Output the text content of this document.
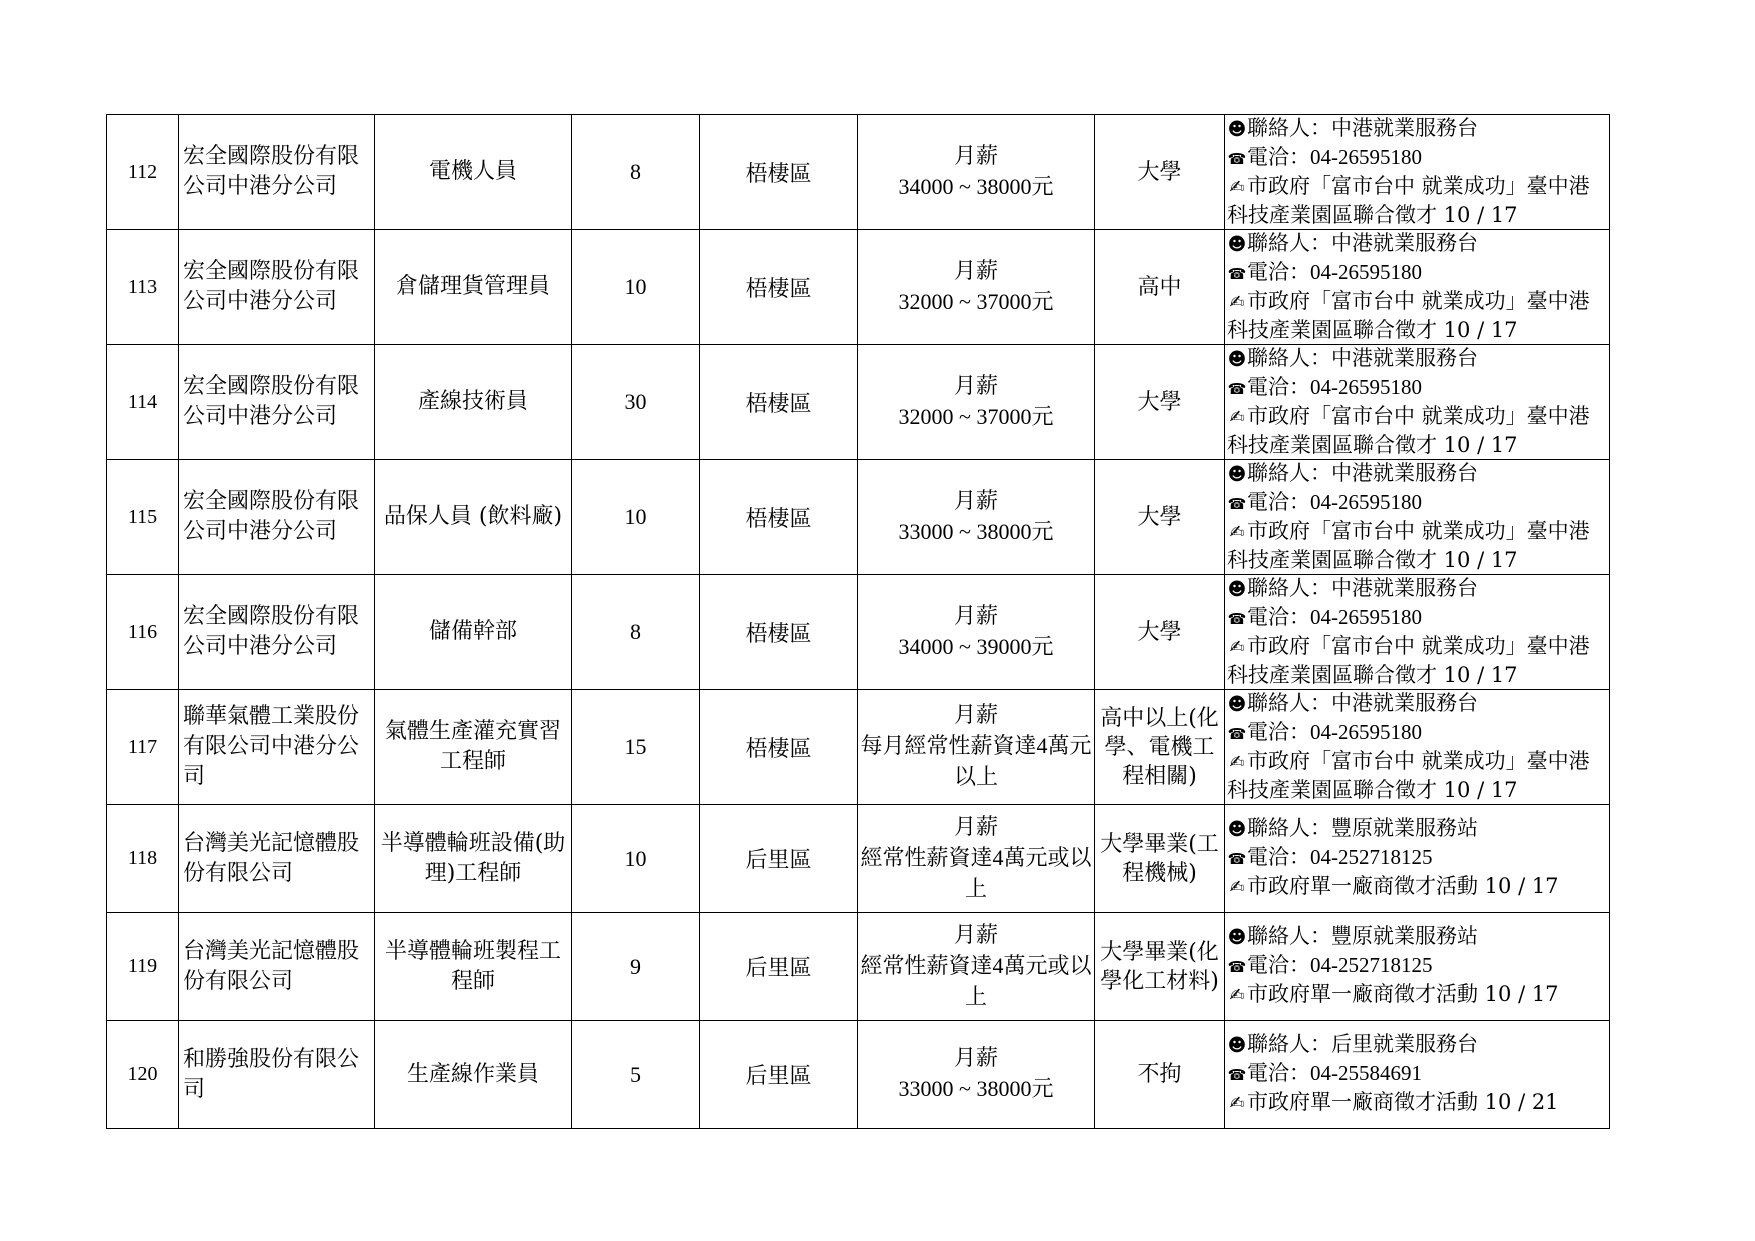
112	宏全國際股份有限公司中港分公司	電機人員	8	梧棲區	月薪
34000 ~ 38000元	大學	
☻聯絡人：中港就業服務台
☎電洽：04-26595180
✍市政府「富市台中 就業成功」臺中港科技產業園區聯合徵才 10 / 17

113	宏全國際股份有限公司中港分公司	倉儲理貨管理員	10	梧棲區	月薪
32000 ~ 37000元	高中	
☻聯絡人：中港就業服務台
☎電洽：04-26595180
✍市政府「富市台中 就業成功」臺中港科技產業園區聯合徵才 10 / 17

114	宏全國際股份有限公司中港分公司	產線技術員	30	梧棲區	月薪
32000 ~ 37000元	大學	
☻聯絡人：中港就業服務台
☎電洽：04-26595180
✍市政府「富市台中 就業成功」臺中港科技產業園區聯合徵才 10 / 17

115	宏全國際股份有限公司中港分公司	品保人員 (飲料廠)	10	梧棲區	月薪
33000 ~ 38000元	大學	
☻聯絡人：中港就業服務台
☎電洽：04-26595180
✍市政府「富市台中 就業成功」臺中港科技產業園區聯合徵才 10 / 17

116	宏全國際股份有限公司中港分公司	儲備幹部	8	梧棲區	月薪
34000 ~ 39000元	大學	
☻聯絡人：中港就業服務台
☎電洽：04-26595180
✍市政府「富市台中 就業成功」臺中港科技產業園區聯合徵才 10 / 17

117	聯華氣體工業股份有限公司中港分公司	氣體生產灌充實習工程師	15	梧棲區	月薪
每月經常性薪資達4萬元以上	高中以上(化學、電機工程相關)	
☻聯絡人：中港就業服務台
☎電洽：04-26595180
✍市政府「富市台中 就業成功」臺中港科技產業園區聯合徵才 10 / 17

118	台灣美光記憶體股份有限公司	半導體輪班設備(助理)工程師	10	后里區	月薪
經常性薪資達4萬元或以上	大學畢業(工程機械)	
☻聯絡人：豐原就業服務站
☎電洽：04-252718125
✍市政府單一廠商徵才活動 10 / 17

119	台灣美光記憶體股份有限公司	半導體輪班製程工程師	9	后里區	月薪
經常性薪資達4萬元或以上	大學畢業(化學化工材料)	
☻聯絡人：豐原就業服務站
☎電洽：04-252718125
✍市政府單一廠商徵才活動 10 / 17

120	和勝強股份有限公司	生產線作業員	5	后里區	月薪
33000 ~ 38000元	不拘	
☻聯絡人：后里就業服務台
☎電洽：04-25584691
✍市政府單一廠商徵才活動 10 / 21
